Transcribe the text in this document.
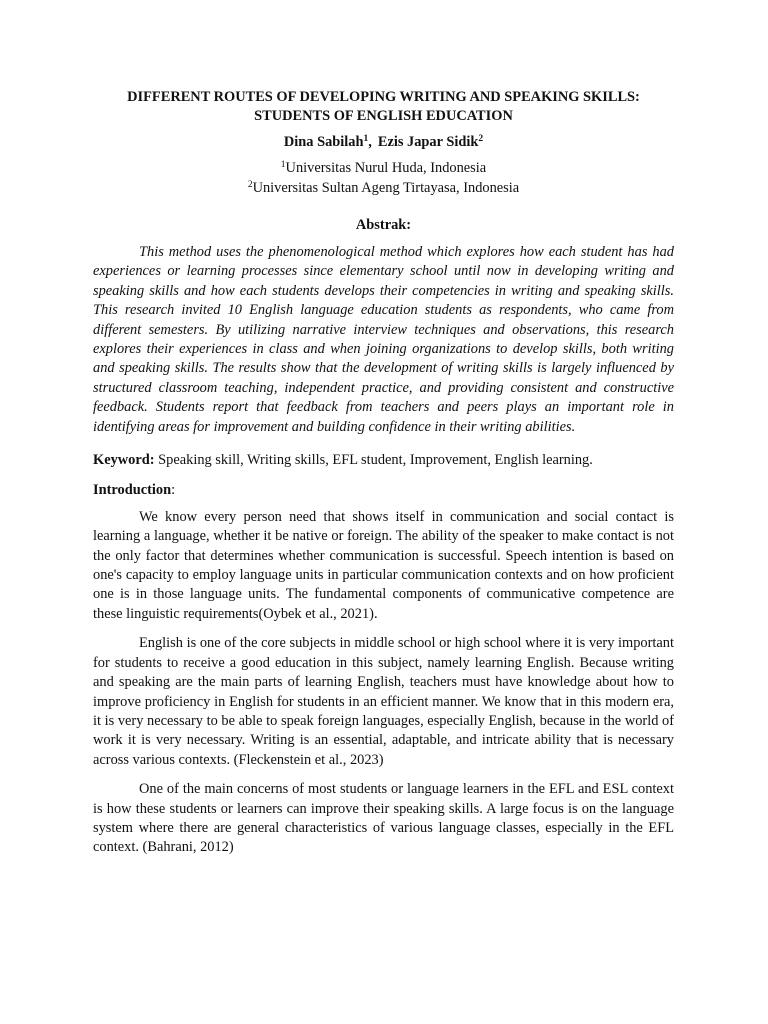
DIFFERENT ROUTES OF DEVELOPING WRITING AND SPEAKING SKILLS:
STUDENTS OF ENGLISH EDUCATION

Dina Sabilah$^1$, Ezis Japar Sidik$^2$
$^1$Universitas Nurul Huda, Indonesia
$^2$Universitas Sultan Ageng Tirtayasa, Indonesia
Abstrak:

This method uses the phenomenological method which explores how each student has had experiences or learning processes since elementary school until now in developing writing and speaking skills and how each students develops their competencies in writing and speaking skills. This research invited 10 English language education students as respondents, who came from different semesters. By utilizing narrative interview techniques and observations, this research explores their experiences in class and when joining organizations to develop skills, both writing and speaking skills. The results show that the development of writing skills is largely influenced by structured classroom teaching, independent practice, and providing consistent and constructive feedback. Students report that feedback from teachers and peers plays an important role in identifying areas for improvement and building confidence in their writing abilities.

Keyword: Speaking skill, Writing skills, EFL student, Improvement, English learning.
Introduction:

We know every person need that shows itself in communication and social contact is learning a language, whether it be native or foreign. The ability of the speaker to make contact is not the only factor that determines whether communication is successful. Speech intention is based on one's capacity to employ language units in particular communication contexts and on how proficient one is in those language units. The fundamental components of communicative competence are these linguistic requirements(Oybek et al., 2021).

English is one of the core subjects in middle school or high school where it is very important for students to receive a good education in this subject, namely learning English. Because writing and speaking are the main parts of learning English, teachers must have knowledge about how to improve proficiency in English for students in an efficient manner. We know that in this modern era, it is very necessary to be able to speak foreign languages, especially English, because in the world of work it is very necessary. Writing is an essential, adaptable, and intricate ability that is necessary across various contexts. (Fleckenstein et al., 2023)

One of the main concerns of most students or language learners in the EFL and ESL context is how these students or learners can improve their speaking skills. A large focus is on the language system where there are general characteristics of various language classes, especially in the EFL context. (Bahrani, 2012)
